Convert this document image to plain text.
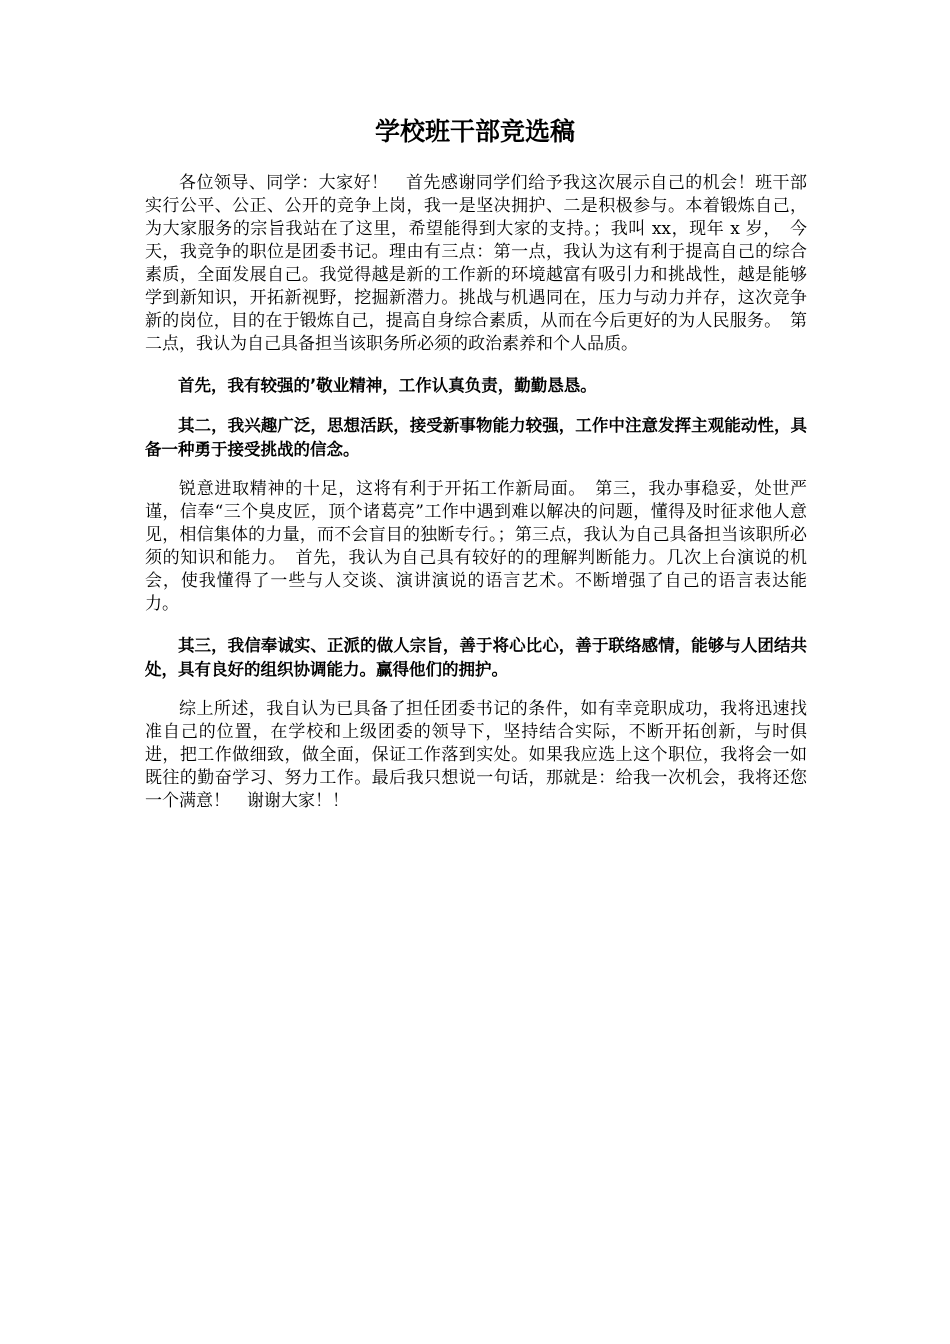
学校班干部竞选稿

各位领导、同学：大家好！　首先感谢同学们给予我这次展示自己的机会！班干部实行公平、公正、公开的竞争上岗，我一是坚决拥护、二是积极参与。本着锻炼自己，为大家服务的宗旨我站在了这里，希望能得到大家的支持。；我叫 xx，现年 x 岁，　今天，我竞争的职位是团委书记。理由有三点：第一点，我认为这有利于提高自己的综合素质，全面发展自己。我觉得越是新的工作新的环境越富有吸引力和挑战性，越是能够学到新知识，开拓新视野，挖掘新潜力。挑战与机遇同在，压力与动力并存，这次竞争新的岗位，目的在于锻炼自己，提高自身综合素质，从而在今后更好的为人民服务。　第二点，我认为自己具备担当该职务所必须的政治素养和个人品质。

首先，我有较强的’敬业精神，工作认真负责，勤勤恳恳。

其二，我兴趣广泛，思想活跃，接受新事物能力较强，工作中注意发挥主观能动性，具备一种勇于接受挑战的信念。

锐意进取精神的十足，这将有利于开拓工作新局面。　第三，我办事稳妥，处世严谨，信奉“三个臭皮匠，顶个诸葛亮”工作中遇到难以解决的问题，懂得及时征求他人意见，相信集体的力量，而不会盲目的独断专行。；第三点，我认为自己具备担当该职所必须的知识和能力。　首先，我认为自己具有较好的的理解判断能力。几次上台演说的机会，使我懂得了一些与人交谈、演讲演说的语言艺术。不断增强了自己的语言表达能力。

其三，我信奉诚实、正派的做人宗旨，善于将心比心，善于联络感情，能够与人团结共处，具有良好的组织协调能力。赢得他们的拥护。

综上所述，我自认为已具备了担任团委书记的条件，如有幸竞职成功，我将迅速找准自己的位置，在学校和上级团委的领导下，坚持结合实际，不断开拓创新，与时俱进，把工作做细致，做全面，保证工作落到实处。如果我应选上这个职位，我将会一如既往的勤奋学习、努力工作。最后我只想说一句话，那就是：给我一次机会，我将还您一个满意！　谢谢大家！！
